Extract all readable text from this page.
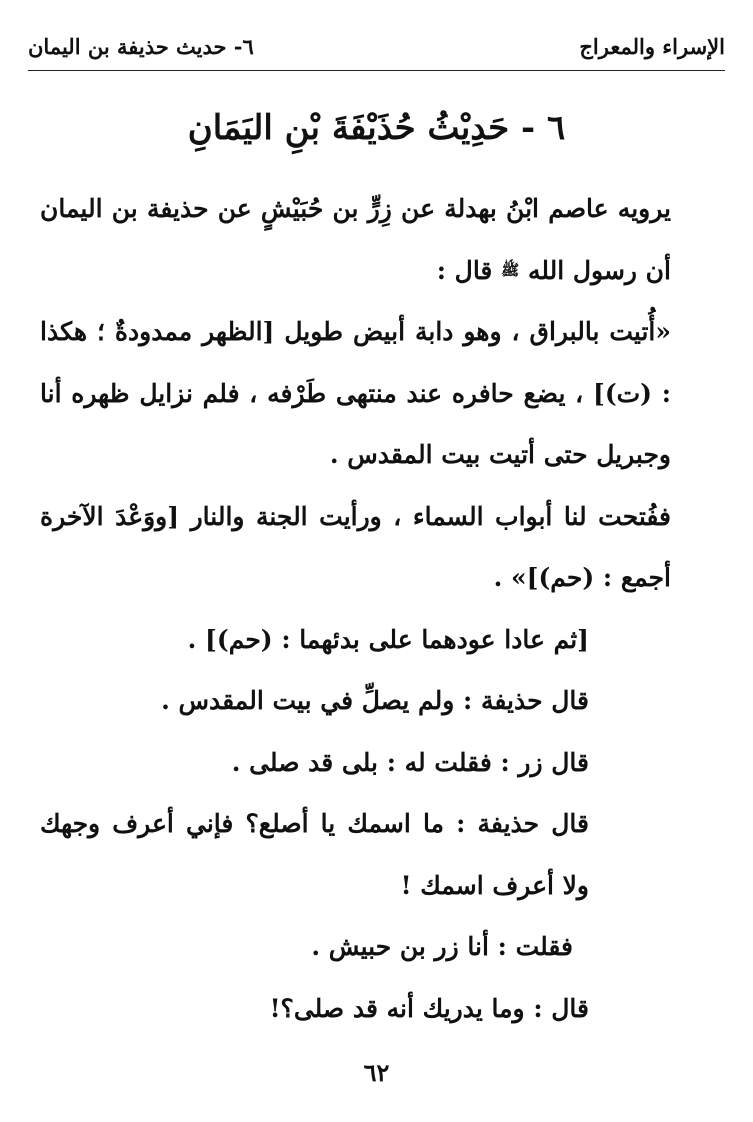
الإسراء والمعراج
٦- حديث حذيفة بن اليمان
٦ - حَدِيْثُ حُذَيْفَةَ بْنِ اليَمَانِ

يرويه عاصم ابْنُ بهدلة عن زِرٍّ بن حُبَيْشٍ عن حذيفة بن اليمان أن رسول الله ﷺ قال :

«أُتيت بالبراق ، وهو دابة أبيض طويل [الظهر ممدودةٌ ؛ هكذا : (ت)] ، يضع حافره عند منتهى طَرْفه ، فلم نزايل ظهره أنا وجبريل حتى أتيت بيت المقدس .

ففُتحت لنا أبواب السماء ، ورأيت الجنة والنار [ووَعْدَ الآخرة أجمع : (حم)]» .

[ثم عادا عودهما على بدئهما : (حم)] .

قال حذيفة : ولم يصلِّ في بيت المقدس .

قال زر : فقلت له : بلى قد صلى .

قال حذيفة : ما اسمك يا أصلع؟ فإني أعرف وجهك ولا أعرف اسمك !

فقلت : أنا زر بن حبيش .

قال : وما يدريك أنه قد صلى؟!

٦٢
